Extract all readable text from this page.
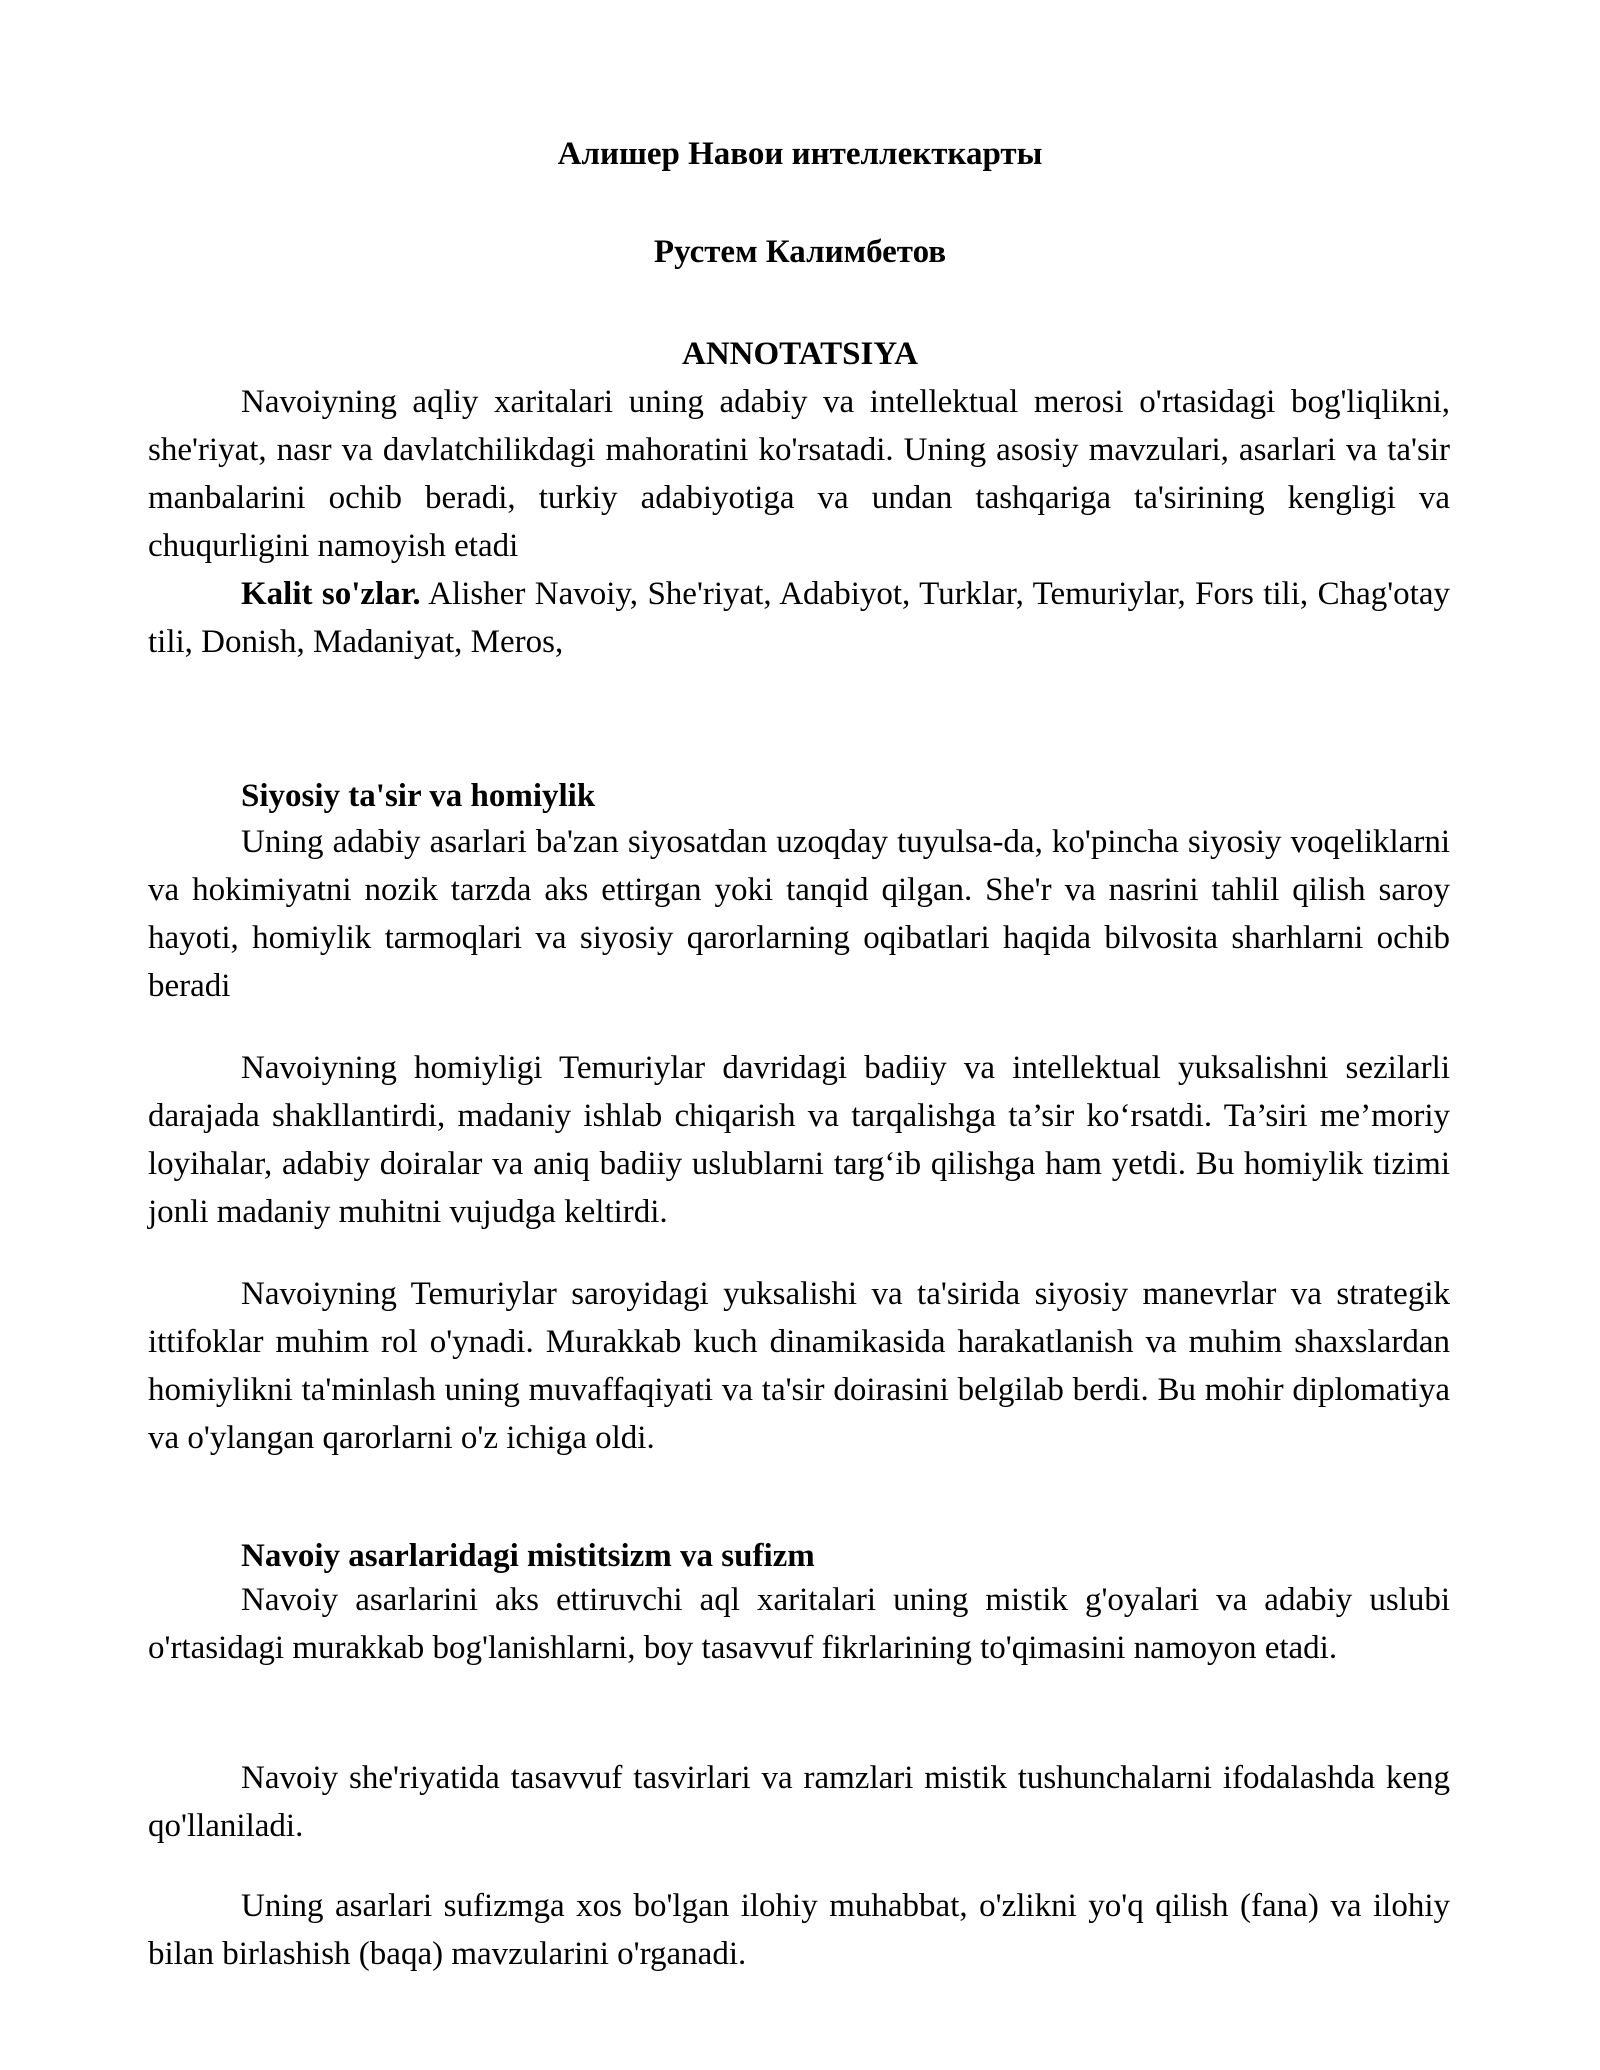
Алишер Навои интеллекткарты
Рустем Калимбетов
ANNOTATSIYA

Navoiyning aqliy xaritalari uning adabiy va intellektual merosi o'rtasidagi bog'liqlikni, she'riyat, nasr va davlatchilikdagi mahoratini ko'rsatadi. Uning asosiy mavzulari, asarlari va ta'sir manbalarini ochib beradi, turkiy adabiyotiga va undan tashqariga ta'sirining kengligi va chuqurligini namoyish etadi

Kalit so'zlar. Alisher Navoiy, She'riyat, Adabiyot, Turklar, Temuriylar, Fors tili, Chag'otay tili, Donish, Madaniyat, Meros,

Siyosiy ta'sir va homiylik

Uning adabiy asarlari ba'zan siyosatdan uzoqday tuyulsa-da, ko'pincha siyosiy voqeliklarni va hokimiyatni nozik tarzda aks ettirgan yoki tanqid qilgan. She'r va nasrini tahlil qilish saroy hayoti, homiylik tarmoqlari va siyosiy qarorlarning oqibatlari haqida bilvosita sharhlarni ochib beradi

Navoiyning homiyligi Temuriylar davridagi badiiy va intellektual yuksalishni sezilarli darajada shakllantirdi, madaniy ishlab chiqarish va tarqalishga ta’sir ko‘rsatdi. Ta’siri me’moriy loyihalar, adabiy doiralar va aniq badiiy uslublarni targ‘ib qilishga ham yetdi. Bu homiylik tizimi jonli madaniy muhitni vujudga keltirdi.

Navoiyning Temuriylar saroyidagi yuksalishi va ta'sirida siyosiy manevrlar va strategik ittifoklar muhim rol o'ynadi. Murakkab kuch dinamikasida harakatlanish va muhim shaxslardan homiylikni ta'minlash uning muvaffaqiyati va ta'sir doirasini belgilab berdi. Bu mohir diplomatiya va o'ylangan qarorlarni o'z ichiga oldi.

Navoiy asarlaridagi mistitsizm va sufizm

Navoiy asarlarini aks ettiruvchi aql xaritalari uning mistik g'oyalari va adabiy uslubi o'rtasidagi murakkab bog'lanishlarni, boy tasavvuf fikrlarining to'qimasini namoyon etadi.

Navoiy she'riyatida tasavvuf tasvirlari va ramzlari mistik tushunchalarni ifodalashda keng qo'llaniladi.

Uning asarlari sufizmga xos bo'lgan ilohiy muhabbat, o'zlikni yo'q qilish (fana) va ilohiy bilan birlashish (baqa) mavzularini o'rganadi.
